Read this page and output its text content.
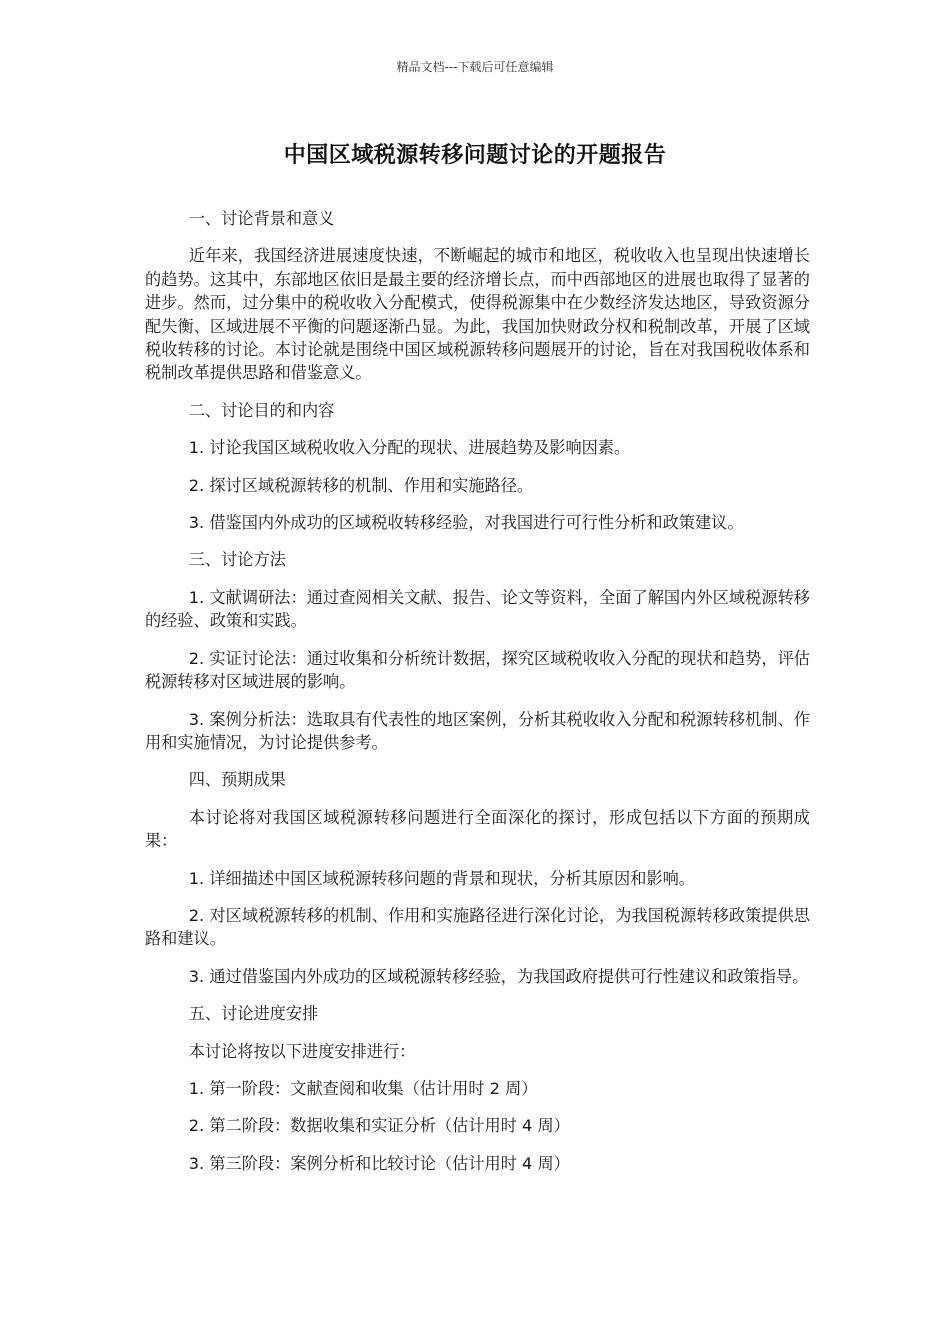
精品文档---下载后可任意编辑
中国区域税源转移问题讨论的开题报告

一、讨论背景和意义

近年来，我国经济进展速度快速，不断崛起的城市和地区，税收收入也呈现出快速增长的趋势。这其中，东部地区依旧是最主要的经济增长点，而中西部地区的进展也取得了显著的进步。然而，过分集中的税收收入分配模式，使得税源集中在少数经济发达地区，导致资源分配失衡、区域进展不平衡的问题逐渐凸显。为此，我国加快财政分权和税制改革，开展了区域税收转移的讨论。本讨论就是围绕中国区域税源转移问题展开的讨论，旨在对我国税收体系和税制改革提供思路和借鉴意义。

二、讨论目的和内容

1. 讨论我国区域税收收入分配的现状、进展趋势及影响因素。

2. 探讨区域税源转移的机制、作用和实施路径。

3. 借鉴国内外成功的区域税收转移经验，对我国进行可行性分析和政策建议。

三、讨论方法

1. 文献调研法：通过查阅相关文献、报告、论文等资料，全面了解国内外区域税源转移的经验、政策和实践。

2. 实证讨论法：通过收集和分析统计数据，探究区域税收收入分配的现状和趋势，评估税源转移对区域进展的影响。

3. 案例分析法：选取具有代表性的地区案例，分析其税收收入分配和税源转移机制、作用和实施情况，为讨论提供参考。

四、预期成果

本讨论将对我国区域税源转移问题进行全面深化的探讨，形成包括以下方面的预期成果：

1. 详细描述中国区域税源转移问题的背景和现状，分析其原因和影响。

2. 对区域税源转移的机制、作用和实施路径进行深化讨论，为我国税源转移政策提供思路和建议。

3. 通过借鉴国内外成功的区域税源转移经验，为我国政府提供可行性建议和政策指导。

五、讨论进度安排

本讨论将按以下进度安排进行：

1. 第一阶段：文献查阅和收集（估计用时 2 周）

2. 第二阶段：数据收集和实证分析（估计用时 4 周）

3. 第三阶段：案例分析和比较讨论（估计用时 4 周）
